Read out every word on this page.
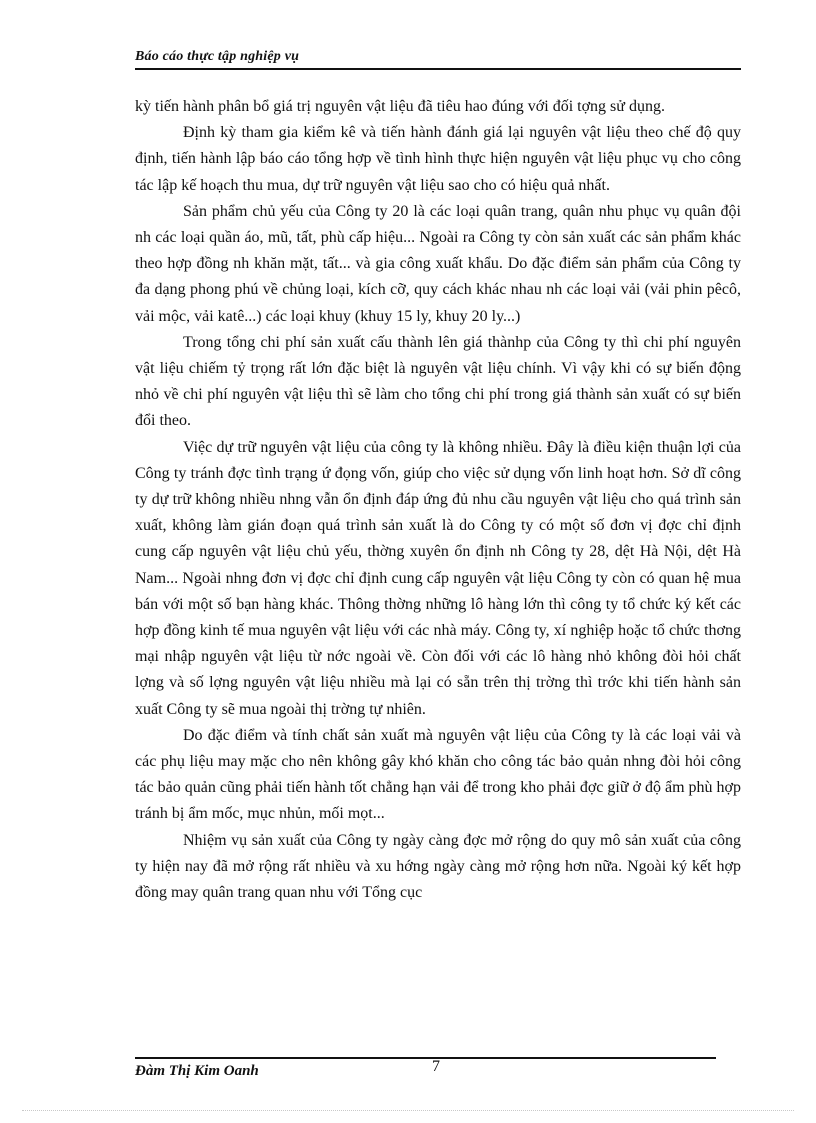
Báo cáo thực tập nghiệp vụ

kỳ tiến hành phân bổ giá trị nguyên vật liệu đã tiêu hao đúng với đối tợng sử dụng.

Định kỳ tham gia kiểm kê và tiến hành đánh giá lại nguyên vật liệu theo chế độ quy định, tiến hành lập báo cáo tổng hợp về tình hình thực hiện nguyên vật liệu phục vụ cho công tác lập kế hoạch thu mua, dự trữ nguyên vật liệu sao cho có hiệu quả nhất.

Sản phẩm chủ yếu của Công ty 20 là các loại quân trang, quân nhu phục vụ quân đội nh các loại quần áo, mũ, tất, phù cấp hiệu... Ngoài ra Công ty còn sản xuất các sản phẩm khác theo hợp đồng nh khăn mặt, tất... và gia công xuất khẩu. Do đặc điểm sản phẩm của Công ty đa dạng phong phú về chủng loại, kích cỡ, quy cách khác nhau nh các loại vải (vải phin pêcô, vải mộc, vải katê...) các loại khuy (khuy 15 ly, khuy 20 ly...)

Trong tổng chi phí sản xuất cấu thành lên giá thànhp của Công ty thì chi phí nguyên vật liệu chiếm tỷ trọng rất lớn đặc biệt là nguyên vật liệu chính. Vì vậy khi có sự biến động nhỏ về chi phí nguyên vật liệu thì sẽ làm cho tổng chi phí trong giá thành sản xuất có sự biến đổi theo.

Việc dự trữ nguyên vật liệu của công ty là không nhiều. Đây là điều kiện thuận lợi của Công ty tránh đợc tình trạng ứ đọng vốn, giúp cho việc sử dụng vốn linh hoạt hơn. Sở dĩ công ty dự trữ không nhiều nhng vẫn ổn định đáp ứng đủ nhu cầu nguyên vật liệu cho quá trình sản xuất, không làm gián đoạn quá trình sản xuất là do Công ty có một số đơn vị đợc chỉ định cung cấp nguyên vật liệu chủ yếu, thờng xuyên ổn định nh Công ty 28, dệt Hà Nội, dệt Hà Nam... Ngoài nhng đơn vị đợc chỉ định cung cấp nguyên vật liệu Công ty còn có quan hệ mua bán với một số bạn hàng khác. Thông thờng những lô hàng lớn thì công ty tổ chức ký kết các hợp đồng kinh tế mua nguyên vật liệu với các nhà máy. Công ty, xí nghiệp hoặc tổ chức thơng mại nhập nguyên vật liệu từ nớc ngoài về. Còn đối với các lô hàng nhỏ không đòi hỏi chất lợng và số lợng nguyên vật liệu nhiều mà lại có sẵn trên thị trờng thì trớc khi tiến hành sản xuất Công ty sẽ mua ngoài thị trờng tự nhiên.

Do đặc điểm và tính chất sản xuất mà nguyên vật liệu của Công ty là các loại vải và các phụ liệu may mặc cho nên không gây khó khăn cho công tác bảo quản nhng đòi hỏi công tác bảo quản cũng phải tiến hành tốt chẳng hạn vải để trong kho phải đợc giữ ở độ ẩm phù hợp tránh bị ẩm mốc, mục nhủn, mối mọt...

Nhiệm vụ sản xuất của Công ty ngày càng đợc mở rộng do quy mô sản xuất của công ty hiện nay đã mở rộng rất nhiều và xu hớng ngày càng mở rộng hơn nữa. Ngoài ký kết hợp đồng may quân trang quan nhu với Tổng cục

Đàm Thị Kim Oanh	7
